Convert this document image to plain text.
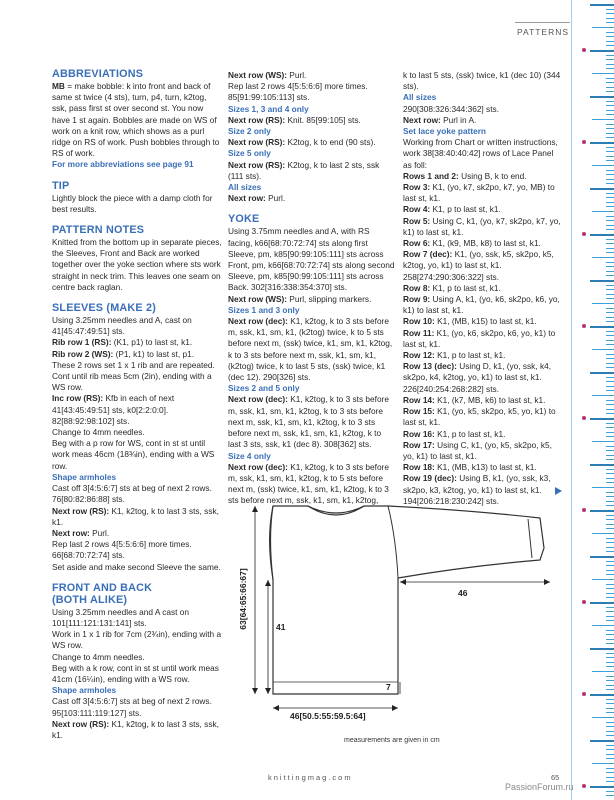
PATTERNS
ABBREVIATIONS

MB = make bobble: k into front and back of same st twice (4 sts), turn, p4, turn, k2tog, ssk, pass first st over second st. You now have 1 st again. Bobbles are made on WS of work on a knit row, which shows as a purl ridge on RS of work. Push bobbles through to RS of work.

For more abbreviations see page 91

TIP

Lightly block the piece with a damp cloth for best results.

PATTERN NOTES

Knitted from the bottom up in separate pieces, the Sleeves, Front and Back are worked together over the yoke section where sts work straight in neck trim. This leaves one seam on centre back raglan.

SLEEVES (MAKE 2)

Using 3.25mm needles and A, cast on 41[45:47:49:51] sts.

Rib row 1 (RS): (K1, p1) to last st, k1.

Rib row 2 (WS): (P1, k1) to last st, p1.

These 2 rows set 1 x 1 rib and are repeated. Cont until rib meas 5cm (2in), ending with a WS row.

Inc row (RS): Kfb in each of next 41[43:45:49:51] sts, k0[2:2:0:0]. 82[88:92:98:102] sts.

Change to 4mm needles.

Beg with a p row for WS, cont in st st until work meas 46cm (18¾in), ending with a WS row.

Shape armholes

Cast off 3[4:5:6:7] sts at beg of next 2 rows. 76[80:82:86:88] sts.

Next row (RS): K1, k2tog, k to last 3 sts, ssk, k1.

Next row: Purl.

Rep last 2 rows 4[5:5:6:6] more times. 66[68:70:72:74] sts.

Set aside and make second Sleeve the same.

FRONT AND BACK
(BOTH ALIKE)

Using 3.25mm needles and A cast on 101[111:121:131:141] sts.

Work in 1 x 1 rib for 7cm (2¾in), ending with a WS row.

Change to 4mm needles.

Beg with a k row, cont in st st until work meas 41cm (16¼in), ending with a WS row.

Shape armholes

Cast off 3[4:5:6:7] sts at beg of next 2 rows. 95[103:111:119:127] sts.

Next row (RS): K1, k2tog, k to last 3 sts, ssk, k1.

Next row (WS): Purl.

Rep last 2 rows 4[5:5:6:6] more times. 85[91:99:105:113] sts.

Sizes 1, 3 and 4 only

Next row (RS): Knit. 85[99:105] sts.

Size 2 only

Next row (RS): K2tog, k to end (90 sts).

Size 5 only

Next row (RS): K2tog, k to last 2 sts, ssk (111 sts).

All sizes

Next row: Purl.

YOKE

Using 3.75mm needles and A, with RS facing, k66[68:70:72:74] sts along first Sleeve, pm, k85[90:99:105:111] sts across Front, pm, k66[68:70:72:74] sts along second Sleeve, pm, k85[90:99:105:111] sts across Back. 302[316:338:354:370] sts.

Next row (WS): Purl, slipping markers.

Sizes 1 and 3 only

Next row (dec): K1, k2tog, k to 3 sts before m, ssk, k1, sm, k1, (k2tog) twice, k to 5 sts before next m, (ssk) twice, k1, sm, k1, k2tog, k to 3 sts before next m, ssk, k1, sm, k1, (k2tog) twice, k to last 5 sts, (ssk) twice, k1 (dec 12). 290[326] sts.

Sizes 2 and 5 only

Next row (dec): K1, k2tog, k to 3 sts before m, ssk, k1, sm, k1, k2tog, k to 3 sts before next m, ssk, k1, sm, k1, k2tog, k to 3 sts before next m, ssk, k1, sm, k1, k2tog, k to last 3 sts, ssk, k1 (dec 8). 308[362] sts.

Size 4 only

Next row (dec): K1, k2tog, k to 3 sts before m, ssk, k1, sm, k1, k2tog, k to 5 sts before next m, (ssk) twice, k1, sm, k1, k2tog, k to 3 sts before next m, ssk, k1, sm, k1, k2tog,

k to last 5 sts, (ssk) twice, k1 (dec 10) (344 sts).

All sizes

290[308:326:344:362] sts.

Next row: Purl in A.

Set lace yoke pattern

Working from Chart or written instructions, work 38[38:40:40:42] rows of Lace Panel as foll:

Rows 1 and 2: Using B, k to end.

Row 3: K1, (yo, k7, sk2po, k7, yo, MB) to last st, k1.

Row 4: K1, p to last st, k1.

Row 5: Using C, k1, (yo, k7, sk2po, k7, yo, k1) to last st, k1.

Row 6: K1, (k9, MB, k8) to last st, k1.

Row 7 (dec): K1, (yo, ssk, k5, sk2po, k5, k2tog, yo, k1) to last st, k1. 258[274:290:306:322] sts.

Row 8: K1, p to last st, k1.

Row 9: Using A, k1, (yo, k6, sk2po, k6, yo, k1) to last st, k1.

Row 10: K1, (MB, k15) to last st, k1.

Row 11: K1, (yo, k6, sk2po, k6, yo, k1) to last st, k1.

Row 12: K1, p to last st, k1.

Row 13 (dec): Using D, k1, (yo, ssk, k4, sk2po, k4, k2tog, yo, k1) to last st, k1. 226[240:254:268:282] sts.

Row 14: K1, (k7, MB, k6) to last st, k1.

Row 15: K1, (yo, k5, sk2po, k5, yo, k1) to last st, k1.

Row 16: K1, p to last st, k1.

Row 17: Using C, k1, (yo, k5, sk2po, k5, yo, k1) to last st, k1.

Row 18: K1, (MB, k13) to last st, k1.

Row 19 (dec): Using B, k1, (yo, ssk, k3, sk2po, k3, k2tog, yo, k1) to last st, k1. 194[206:218:230:242] sts.

46
41
63[64:65:66:67]
7
46[50.5:55:59.5:64]
measurements are given in cm
knittingmag.com	65
PassionForum.ru
